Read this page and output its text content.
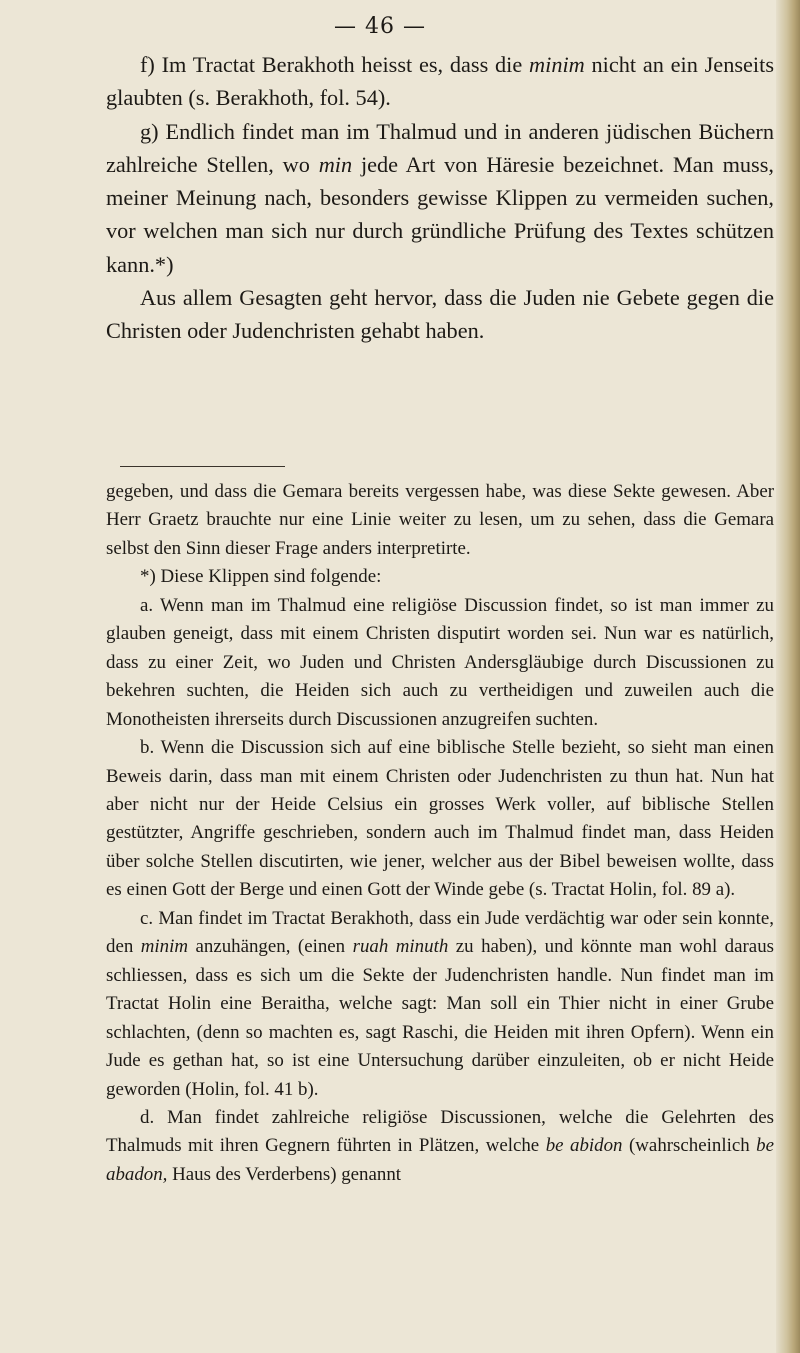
— 46 —

f) Im Tractat Berakhoth heisst es, dass die minim nicht an ein Jenseits glaubten (s. Berakhoth, fol. 54).

g) Endlich findet man im Thalmud und in anderen jüdischen Büchern zahlreiche Stellen, wo min jede Art von Häresie bezeichnet. Man muss, meiner Meinung nach, besonders gewisse Klippen zu vermeiden suchen, vor welchen man sich nur durch gründliche Prüfung des Textes schützen kann.*)

Aus allem Gesagten geht hervor, dass die Juden nie Gebete gegen die Christen oder Judenchristen gehabt haben.

gegeben, und dass die Gemara bereits vergessen habe, was diese Sekte gewesen. Aber Herr Graetz brauchte nur eine Linie weiter zu lesen, um zu sehen, dass die Gemara selbst den Sinn dieser Frage anders interpretirte.

*) Diese Klippen sind folgende:

a. Wenn man im Thalmud eine religiöse Discussion findet, so ist man immer zu glauben geneigt, dass mit einem Christen disputirt worden sei. Nun war es natürlich, dass zu einer Zeit, wo Juden und Christen Andersgläubige durch Discussionen zu bekehren suchten, die Heiden sich auch zu vertheidigen und zuweilen auch die Monotheisten ihrerseits durch Discussionen anzugreifen suchten.

b. Wenn die Discussion sich auf eine biblische Stelle bezieht, so sieht man einen Beweis darin, dass man mit einem Christen oder Judenchristen zu thun hat. Nun hat aber nicht nur der Heide Celsius ein grosses Werk voller, auf biblische Stellen gestützter, Angriffe geschrieben, sondern auch im Thalmud findet man, dass Heiden über solche Stellen discutirten, wie jener, welcher aus der Bibel beweisen wollte, dass es einen Gott der Berge und einen Gott der Winde gebe (s. Tractat Holin, fol. 89 a).

c. Man findet im Tractat Berakhoth, dass ein Jude verdächtig war oder sein konnte, den minim anzuhängen, (einen ruah minuth zu haben), und könnte man wohl daraus schliessen, dass es sich um die Sekte der Judenchristen handle. Nun findet man im Tractat Holin eine Beraitha, welche sagt: Man soll ein Thier nicht in einer Grube schlachten, (denn so machten es, sagt Raschi, die Heiden mit ihren Opfern). Wenn ein Jude es gethan hat, so ist eine Untersuchung darüber einzuleiten, ob er nicht Heide geworden (Holin, fol. 41 b).

d. Man findet zahlreiche religiöse Discussionen, welche die Gelehrten des Thalmuds mit ihren Gegnern führten in Plätzen, welche be abidon (wahrscheinlich be abadon, Haus des Verderbens) genannt
